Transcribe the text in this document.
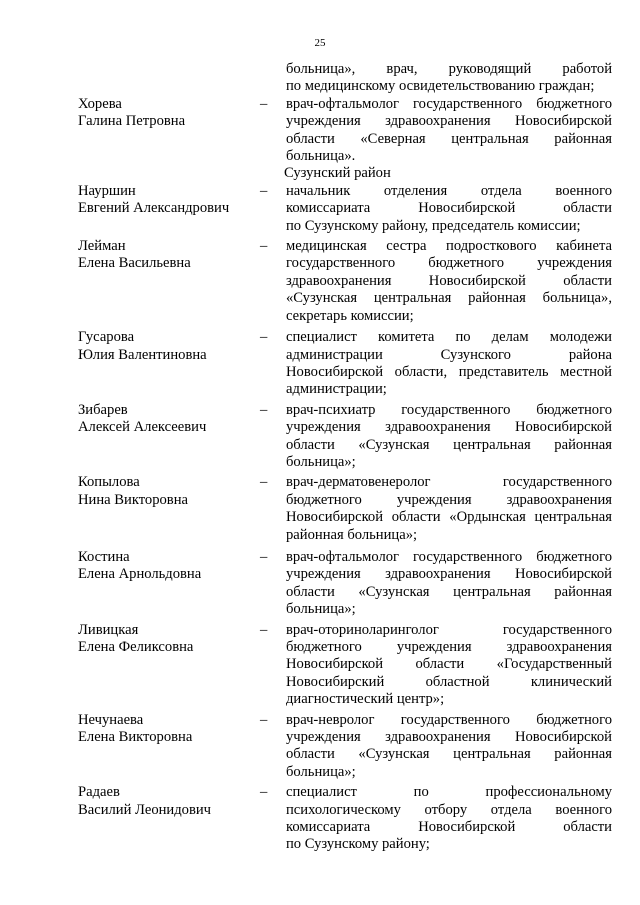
25
больница», врач, руководящий работой
по медицинскому освидетельствованию граждан;
Хорева
Галина Петровна
–	врач-офтальмолог государственного бюджетного
учреждения здравоохранения Новосибирской
области «Северная центральная районная
больница».
Сузунский район
Науршин
Евгений Александрович
–	начальник отделения отдела военного
комиссариата Новосибирской области
по Сузунскому району, председатель комиссии;
Лейман
Елена Васильевна
–	медицинская сестра подросткового кабинета
государственного бюджетного учреждения
здравоохранения Новосибирской области
«Сузунская центральная районная больница»,
секретарь комиссии;
Гусарова
Юлия Валентиновна
–	специалист комитета по делам молодежи
администрации Сузунского района
Новосибирской области, представитель местной
администрации;
Зибарев
Алексей Алексеевич
–	врач-психиатр государственного бюджетного
учреждения здравоохранения Новосибирской
области «Сузунская центральная районная
больница»;
Копылова
Нина Викторовна
–	врач-дерматовенеролог государственного
бюджетного учреждения здравоохранения
Новосибирской области «Ордынская центральная
районная больница»;
Костина
Елена Арнольдовна
–	врач-офтальмолог государственного бюджетного
учреждения здравоохранения Новосибирской
области «Сузунская центральная районная
больница»;
Ливицкая
Елена Феликсовна
–	врач-оториноларинголог государственного
бюджетного учреждения здравоохранения
Новосибирской области «Государственный
Новосибирский областной клинический
диагностический центр»;
Нечунаева
Елена Викторовна
–	врач-невролог государственного бюджетного
учреждения здравоохранения Новосибирской
области «Сузунская центральная районная
больница»;
Радаев
Василий Леонидович
–	специалист по профессиональному
психологическому отбору отдела военного
комиссариата Новосибирской области
по Сузунскому району;
